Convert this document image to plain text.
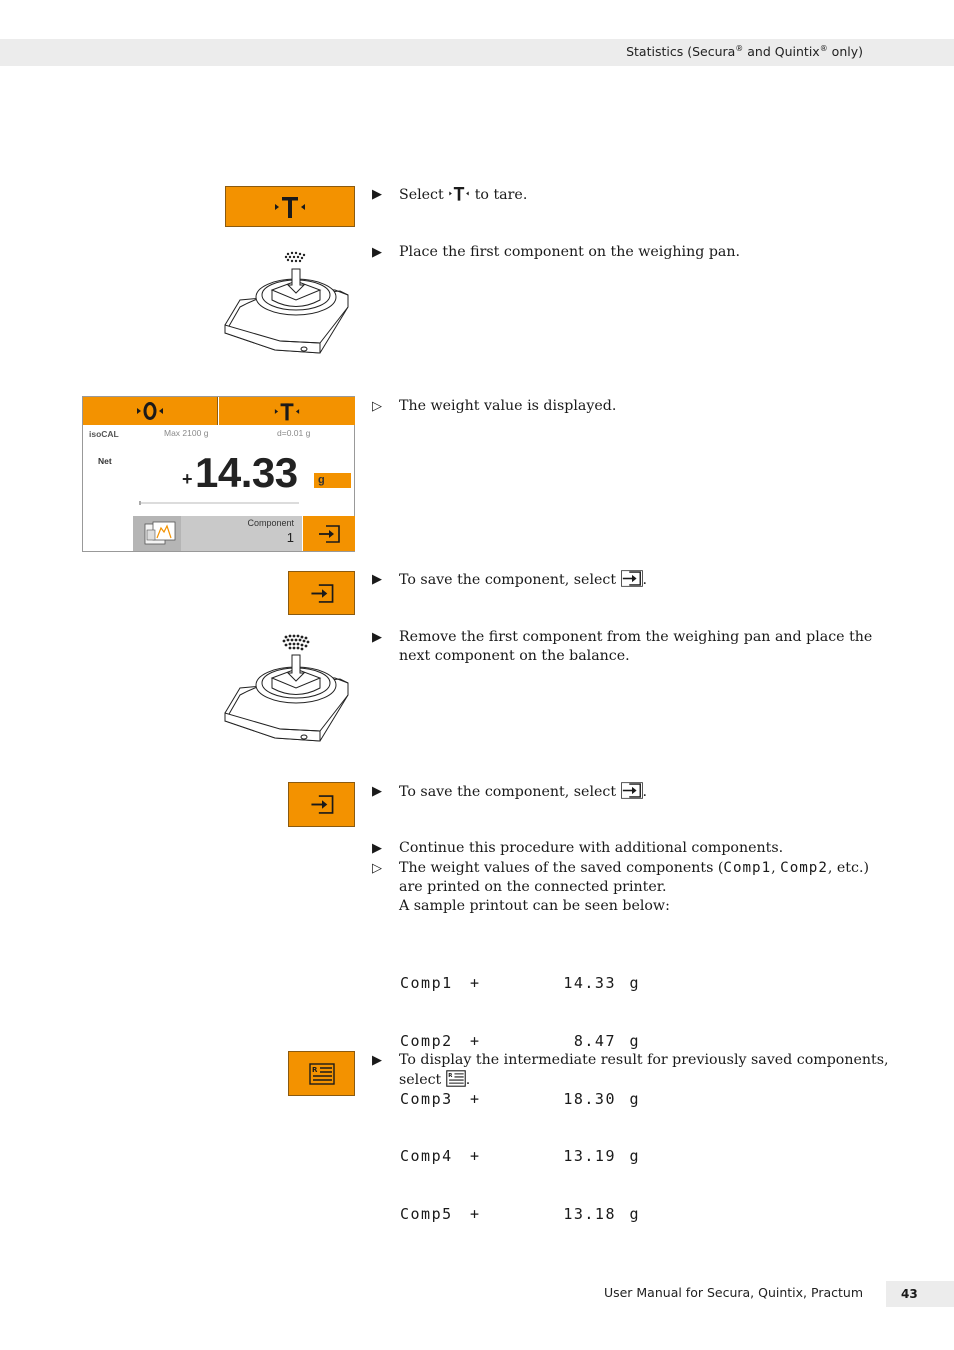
Statistics (Secura® and Quintix® only)
▶	Select  to tare.
▶	Place the first component on the weighing pan.
isoCAL	Max 2100 g	d=0.01 g
Net
+ 14.33	g
Component
1
▷	The weight value is displayed.
▶	To save the component, select .
▶	Remove the first component from the weighing pan and place the next component on the balance.
▶	To save the component, select .
▶	Continue this procedure with additional components.
▷	The weight values of the saved components (Comp1, Comp2, etc.) are printed on the connected printer.
A sample printout can be seen below:

Comp1 +	14.33 g

Comp2 +	8.47 g

Comp3 +	18.30 g

Comp4 +	13.19 g

Comp5 +	13.18 g

R
▶	To display the intermediate result for previously saved components, select R .
User Manual for Secura, Quintix, Practum	43
